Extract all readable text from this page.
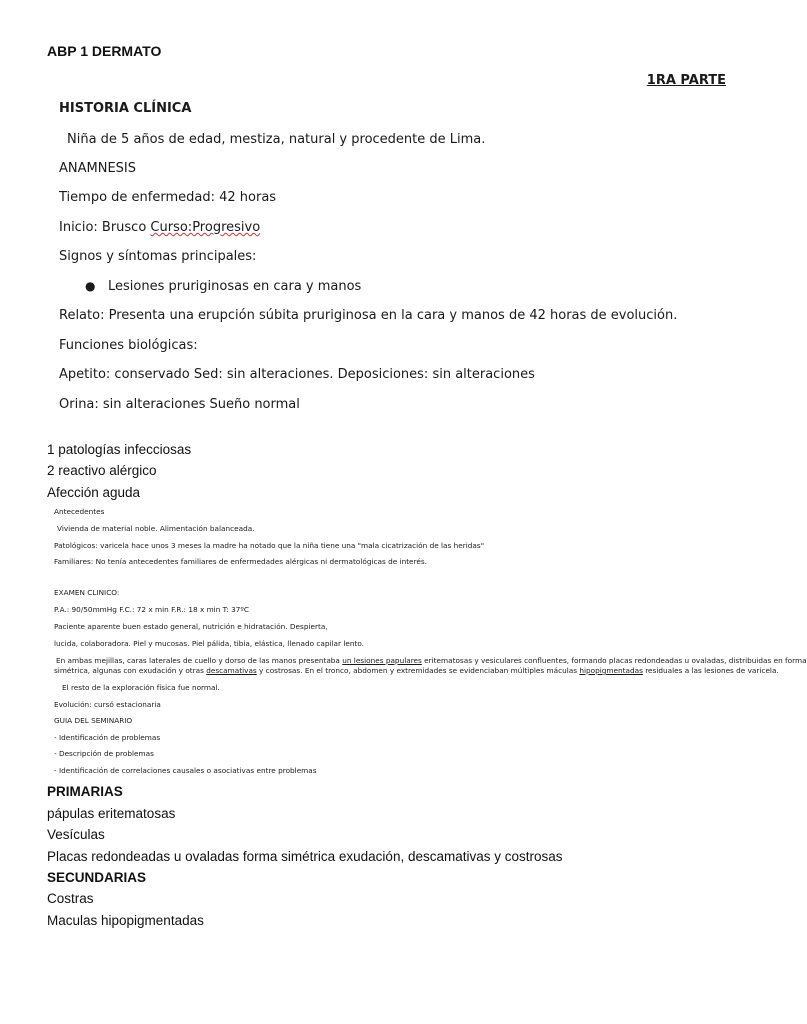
ABP 1 DERMATO
1RA PARTE
HISTORIA CLÍNICA
Niña de 5 años de edad, mestiza, natural y procedente de Lima.
ANAMNESIS
Tiempo de enfermedad: 42 horas
Inicio: Brusco Curso:Progresivo
Signos y síntomas principales:
● Lesiones pruriginosas en cara y manos
Relato: Presenta una erupción súbita pruriginosa en la cara y manos de 42 horas de evolución.
Funciones biológicas:
Apetito: conservado Sed: sin alteraciones. Deposiciones: sin alteraciones
Orina: sin alteraciones Sueño normal
1 patologías infecciosas
2 reactivo alérgico
Afección aguda
Antecedentes
Vivienda de material noble. Alimentación balanceada.
Patológicos: varicela hace unos 3 meses la madre ha notado que la niña tiene una "mala cicatrización de las heridas"
Familiares: No tenía antecedentes familiares de enfermedades alérgicas ni dermatológicas de interés.
EXAMEN CLINICO:
P.A.: 90/50mmHg F.C.: 72 x min F.R.: 18 x min T: 37ºC
Paciente aparente buen estado general, nutrición e hidratación. Despierta,
lucida, colaboradora. Piel y mucosas. Piel pálida, tibia, elástica, llenado capilar lento.
En ambas mejillas, caras laterales de cuello y dorso de las manos presentaba un lesiones papulares eritematosas y vesiculares confluentes, formando placas redondeadas u ovaladas, distribuidas en forma
simétrica, algunas con exudación y otras descamativas y costrosas. En el tronco, abdomen y extremidades se evidenciaban múltiples máculas hipopigmentadas residuales a las lesiones de varicela.
El resto de la exploración física fue normal.
Evolución: cursó estacionaria
GUIA DEL SEMINARIO
- Identificación de problemas
- Descripción de problemas
- Identificación de correlaciones causales o asociativas entre problemas
PRIMARIAS
pápulas eritematosas
Vesículas
Placas redondeadas u ovaladas forma simétrica exudación, descamativas y costrosas
SECUNDARIAS
Costras
Maculas hipopigmentadas
